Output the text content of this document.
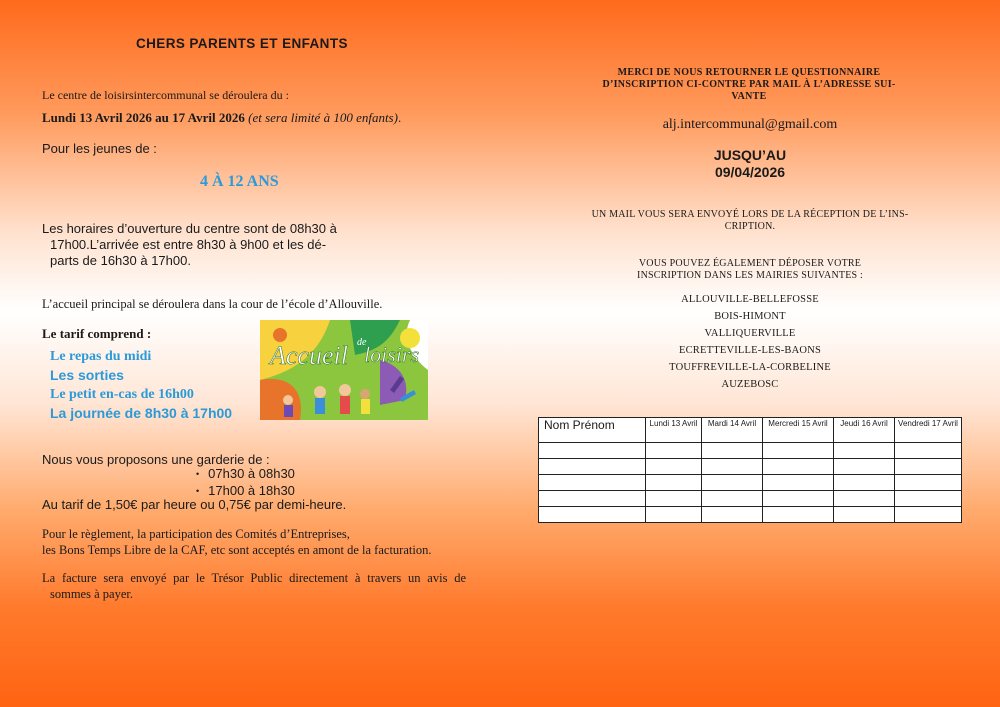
CHERS PARENTS ET ENFANTS

Le centre de loisirsintercommunal se déroulera du :

Lundi 13 Avril 2026 au 17 Avril 2026 (et sera limité à 100 enfants).

Pour les jeunes de :

4 À 12 ANS

Les horaires d’ouverture du centre sont de 08h30 à
17h00.L’arrivée est entre 8h30 à 9h00 et les dé-
parts de 16h30 à 17h00.

L’accueil principal se déroulera dans la cour de l’école d’Allouville.

Le tarif comprend :

Le repas du midi
Les sorties
Le petit en-cas de 16h00
La journée de 8h30 à 17h00
Accueil de
loisirs

Nous vous proposons une garderie de :

• 07h30 à 08h30
• 17h00 à 18h30

Au tarif de 1,50€ par heure ou 0,75€ par demi-heure.

Pour le règlement, la participation des Comités d’Entreprises,
les Bons Temps Libre de la CAF, etc sont acceptés en amont de la facturation.

La facture sera envoyé par le Trésor Public directement à travers un avis de
sommes à payer.

MERCI DE NOUS RETOURNER LE QUESTIONNAIRE
D’INSCRIPTION CI-CONTRE PAR MAIL À L’ADRESSE SUI-
VANTE

alj.intercommunal@gmail.com

JUSQU’AU
09/04/2026

UN MAIL VOUS SERA ENVOYÉ LORS DE LA RÉCEPTION DE L’INS-
CRIPTION.

VOUS POUVEZ ÉGALEMENT DÉPOSER VOTRE
INSCRIPTION DANS LES MAIRIES SUIVANTES :

ALLOUVILLE-BELLEFOSSE
BOIS-HIMONT
VALLIQUERVILLE
ECRETTEVILLE-LES-BAONS
TOUFFREVILLE-LA-CORBELINE
AUZEBOSC
Nom Prénom	Lundi 13 Avril	Mardi 14 Avril	Mercredi 15 Avril	Jeudi 16 Avril	Vendredi 17 Avril
